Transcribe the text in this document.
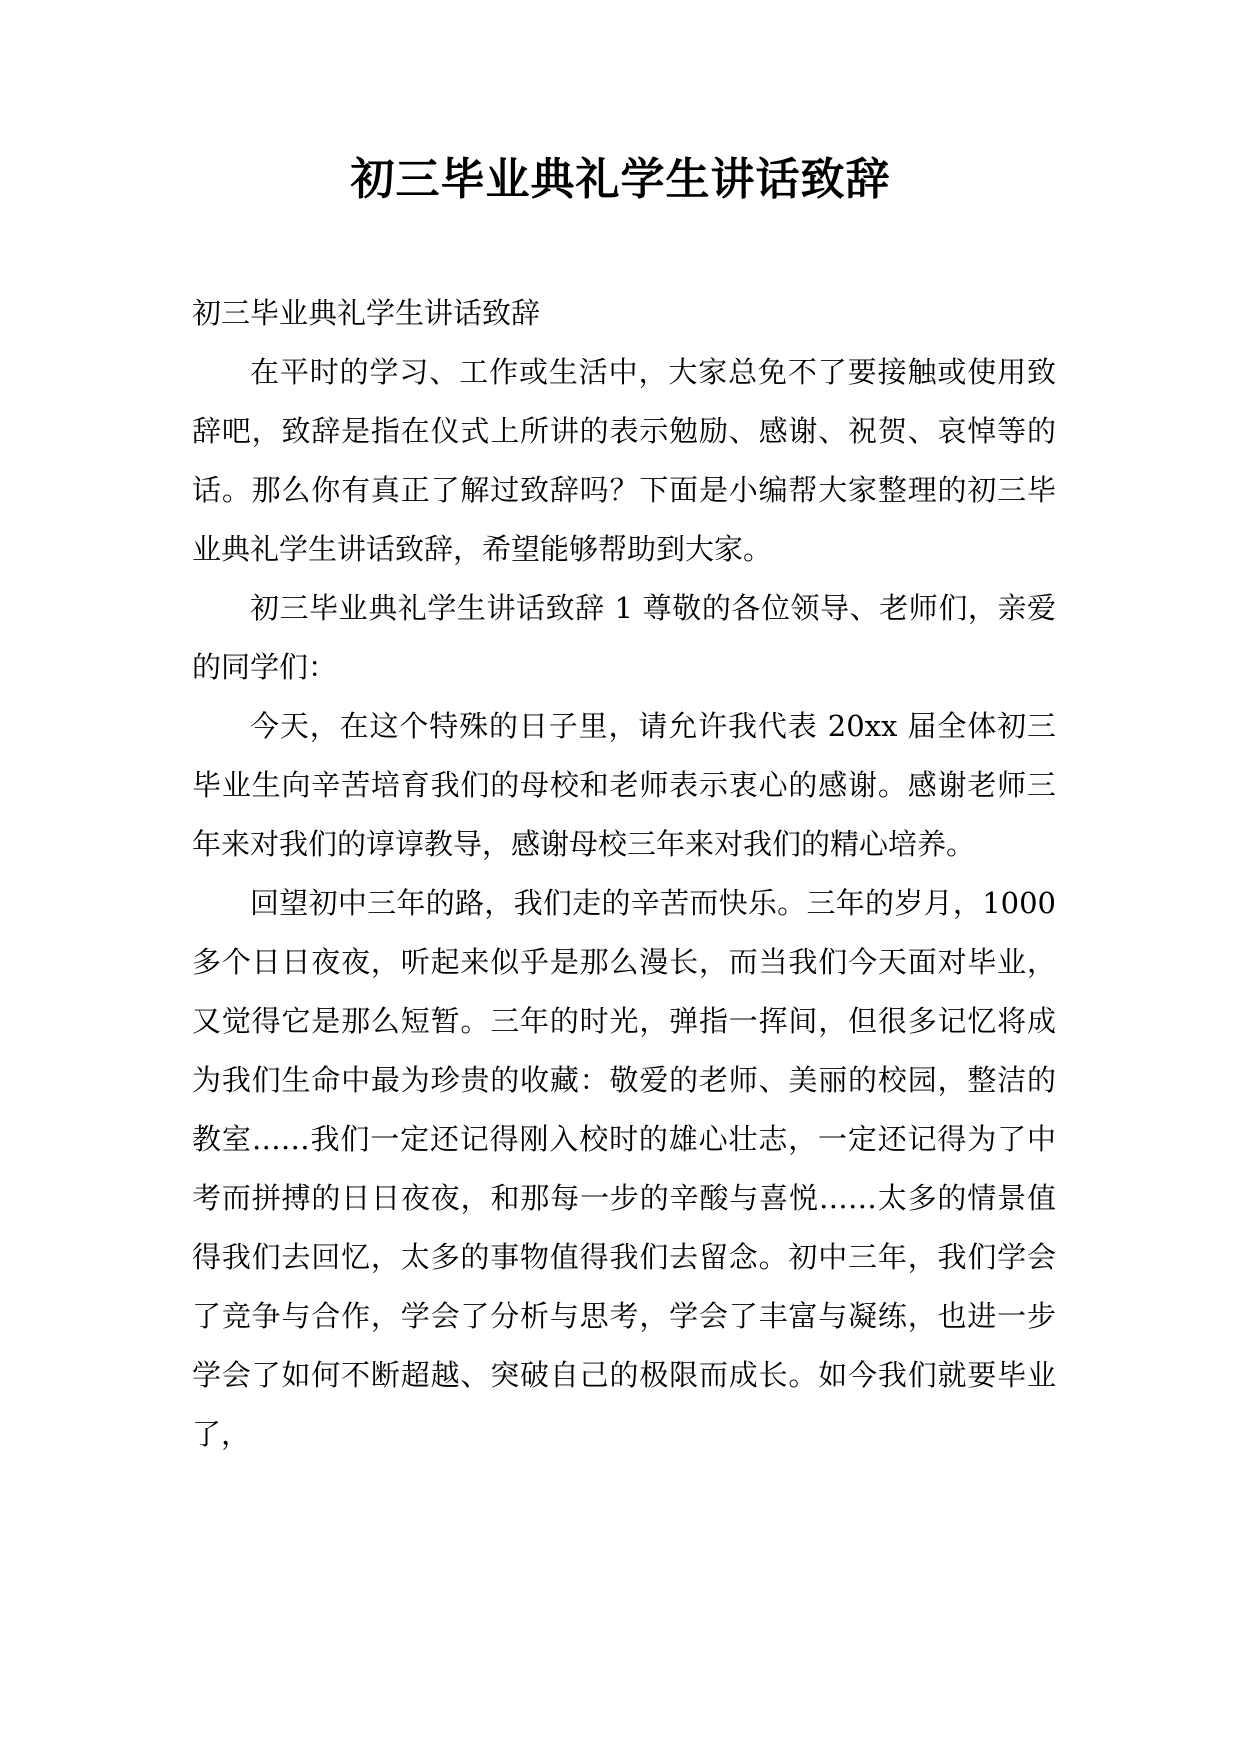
初三毕业典礼学生讲话致辞

初三毕业典礼学生讲话致辞

在平时的学习、工作或生活中，大家总免不了要接触或使用致辞吧，致辞是指在仪式上所讲的表示勉励、感谢、祝贺、哀悼等的话。那么你有真正了解过致辞吗？下面是小编帮大家整理的初三毕业典礼学生讲话致辞，希望能够帮助到大家。

初三毕业典礼学生讲话致辞 1 尊敬的各位领导、老师们，亲爱的同学们：

今天，在这个特殊的日子里，请允许我代表 20xx 届全体初三毕业生向辛苦培育我们的母校和老师表示衷心的感谢。感谢老师三年来对我们的谆谆教导，感谢母校三年来对我们的精心培养。

回望初中三年的路，我们走的辛苦而快乐。三年的岁月，1000 多个日日夜夜，听起来似乎是那么漫长，而当我们今天面对毕业，又觉得它是那么短暂。三年的时光，弹指一挥间，但很多记忆将成为我们生命中最为珍贵的收藏：敬爱的老师、美丽的校园，整洁的教室……我们一定还记得刚入校时的雄心壮志，一定还记得为了中考而拼搏的日日夜夜，和那每一步的辛酸与喜悦……太多的情景值得我们去回忆，太多的事物值得我们去留念。初中三年，我们学会了竞争与合作，学会了分析与思考，学会了丰富与凝练，也进一步学会了如何不断超越、突破自己的极限而成长。如今我们就要毕业了，
